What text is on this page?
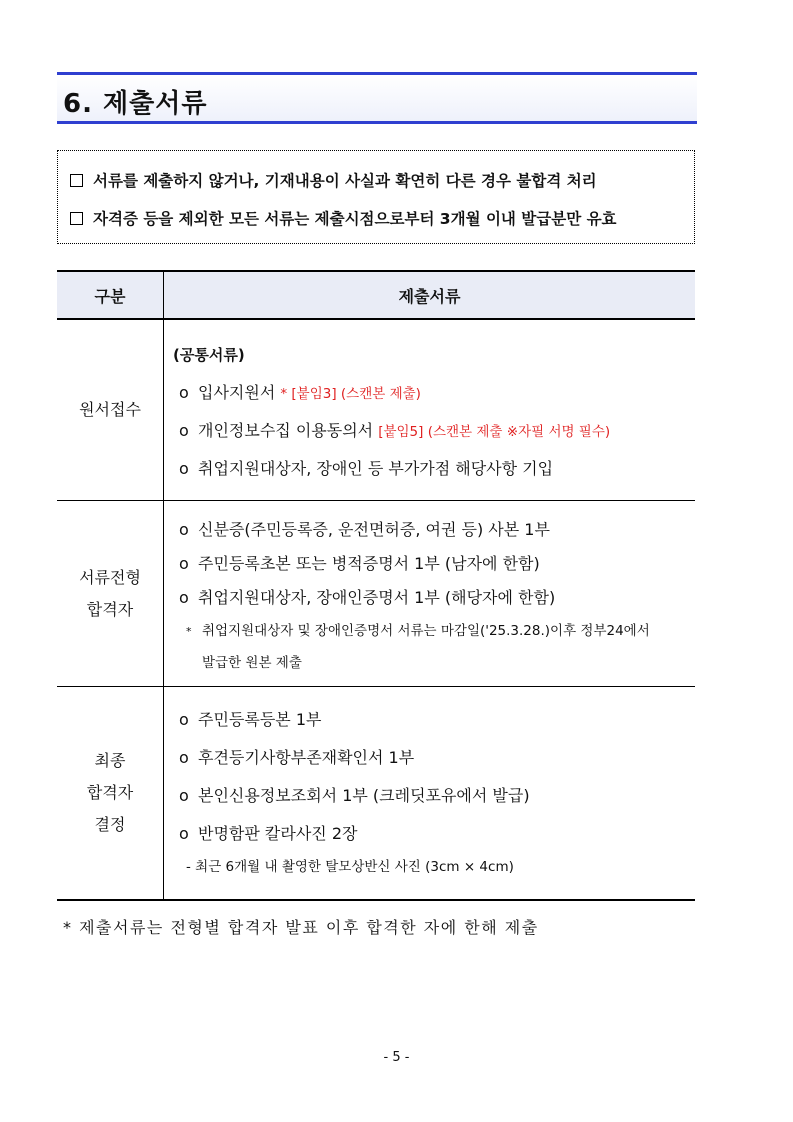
6. 제출서류
서류를 제출하지 않거나, 기재내용이 사실과 확연히 다른 경우 불합격 처리
자격증 등을 제외한 모든 서류는 제출시점으로부터 3개월 이내 발급분만 유효
구분	제출서류
원서접수
(공통서류)
o 입사지원서 * [붙임3] (스캔본 제출)
o 개인정보수집 이용동의서 [붙임5] (스캔본 제출 ※자필 서명 필수)
o 취업지원대상자, 장애인 등 부가가점 해당사항 기입
서류전형
합격자
o 신분증(주민등록증, 운전면허증, 여권 등) 사본 1부
o 주민등록초본 또는 병적증명서 1부 (남자에 한함)
o 취업지원대상자, 장애인증명서 1부 (해당자에 한함)
* 취업지원대상자 및 장애인증명서 서류는 마감일('25.3.28.)이후 정부24에서
발급한 원본 제출
최종
합격자
결정
o 주민등록등본 1부
o 후견등기사항부존재확인서 1부
o 본인신용정보조회서 1부 (크레딧포유에서 발급)
o 반명함판 칼라사진 2장
- 최근 6개월 내 촬영한 탈모상반신 사진 (3cm × 4cm)
* 제출서류는 전형별 합격자 발표 이후 합격한 자에 한해 제출
- 5 -
